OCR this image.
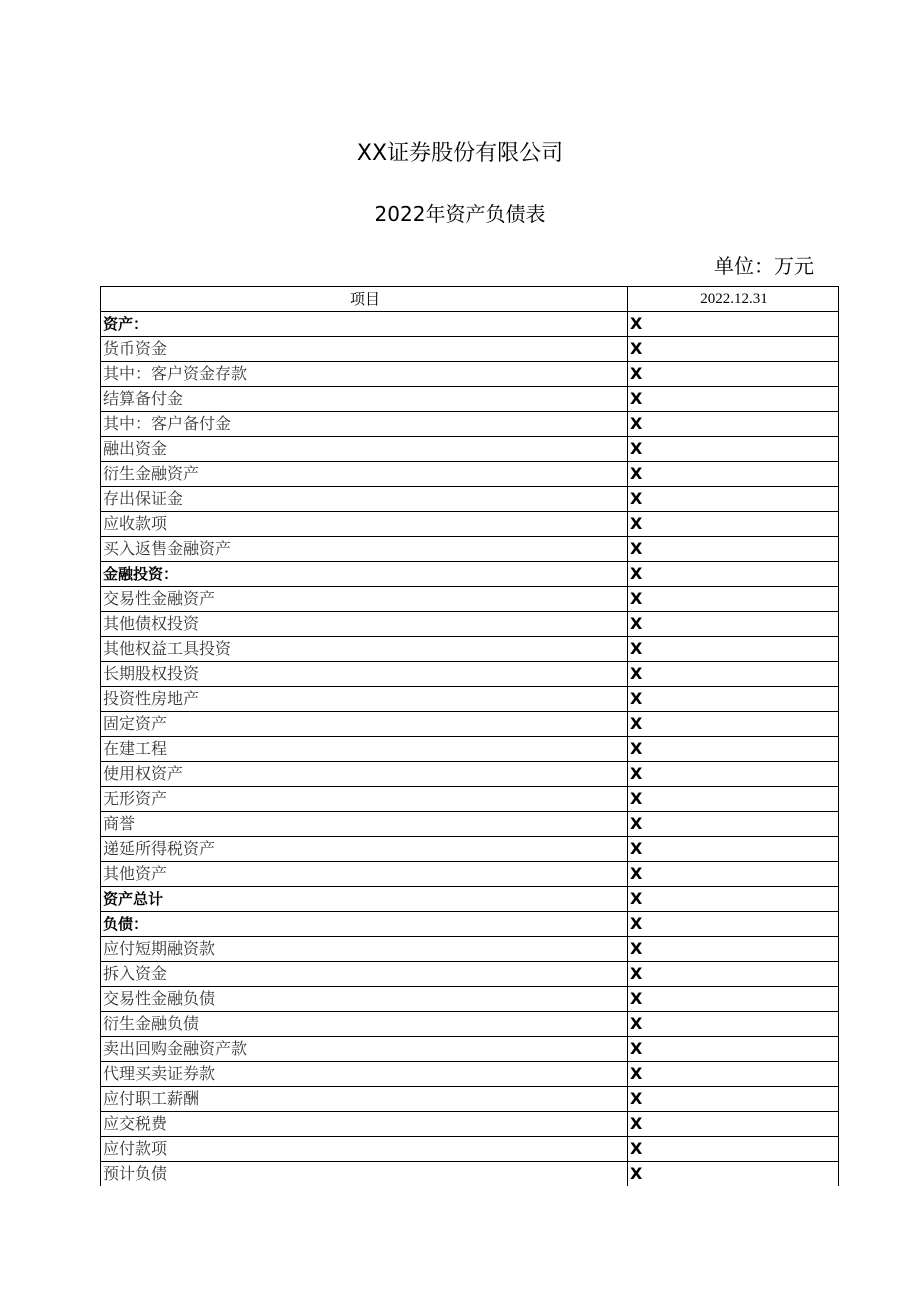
XX证券股份有限公司
2022年资产负债表
单位：万元
项目	2022.12.31
资产：	X
货币资金	X
其中：客户资金存款	X
结算备付金	X
其中：客户备付金	X
融出资金	X
衍生金融资产	X
存出保证金	X
应收款项	X
买入返售金融资产	X
金融投资：	X
交易性金融资产	X
其他债权投资	X
其他权益工具投资	X
长期股权投资	X
投资性房地产	X
固定资产	X
在建工程	X
使用权资产	X
无形资产	X
商誉	X
递延所得税资产	X
其他资产	X
资产总计	X
负债：	X
应付短期融资款	X
拆入资金	X
交易性金融负债	X
衍生金融负债	X
卖出回购金融资产款	X
代理买卖证券款	X
应付职工薪酬	X
应交税费	X
应付款项	X
预计负债	X
